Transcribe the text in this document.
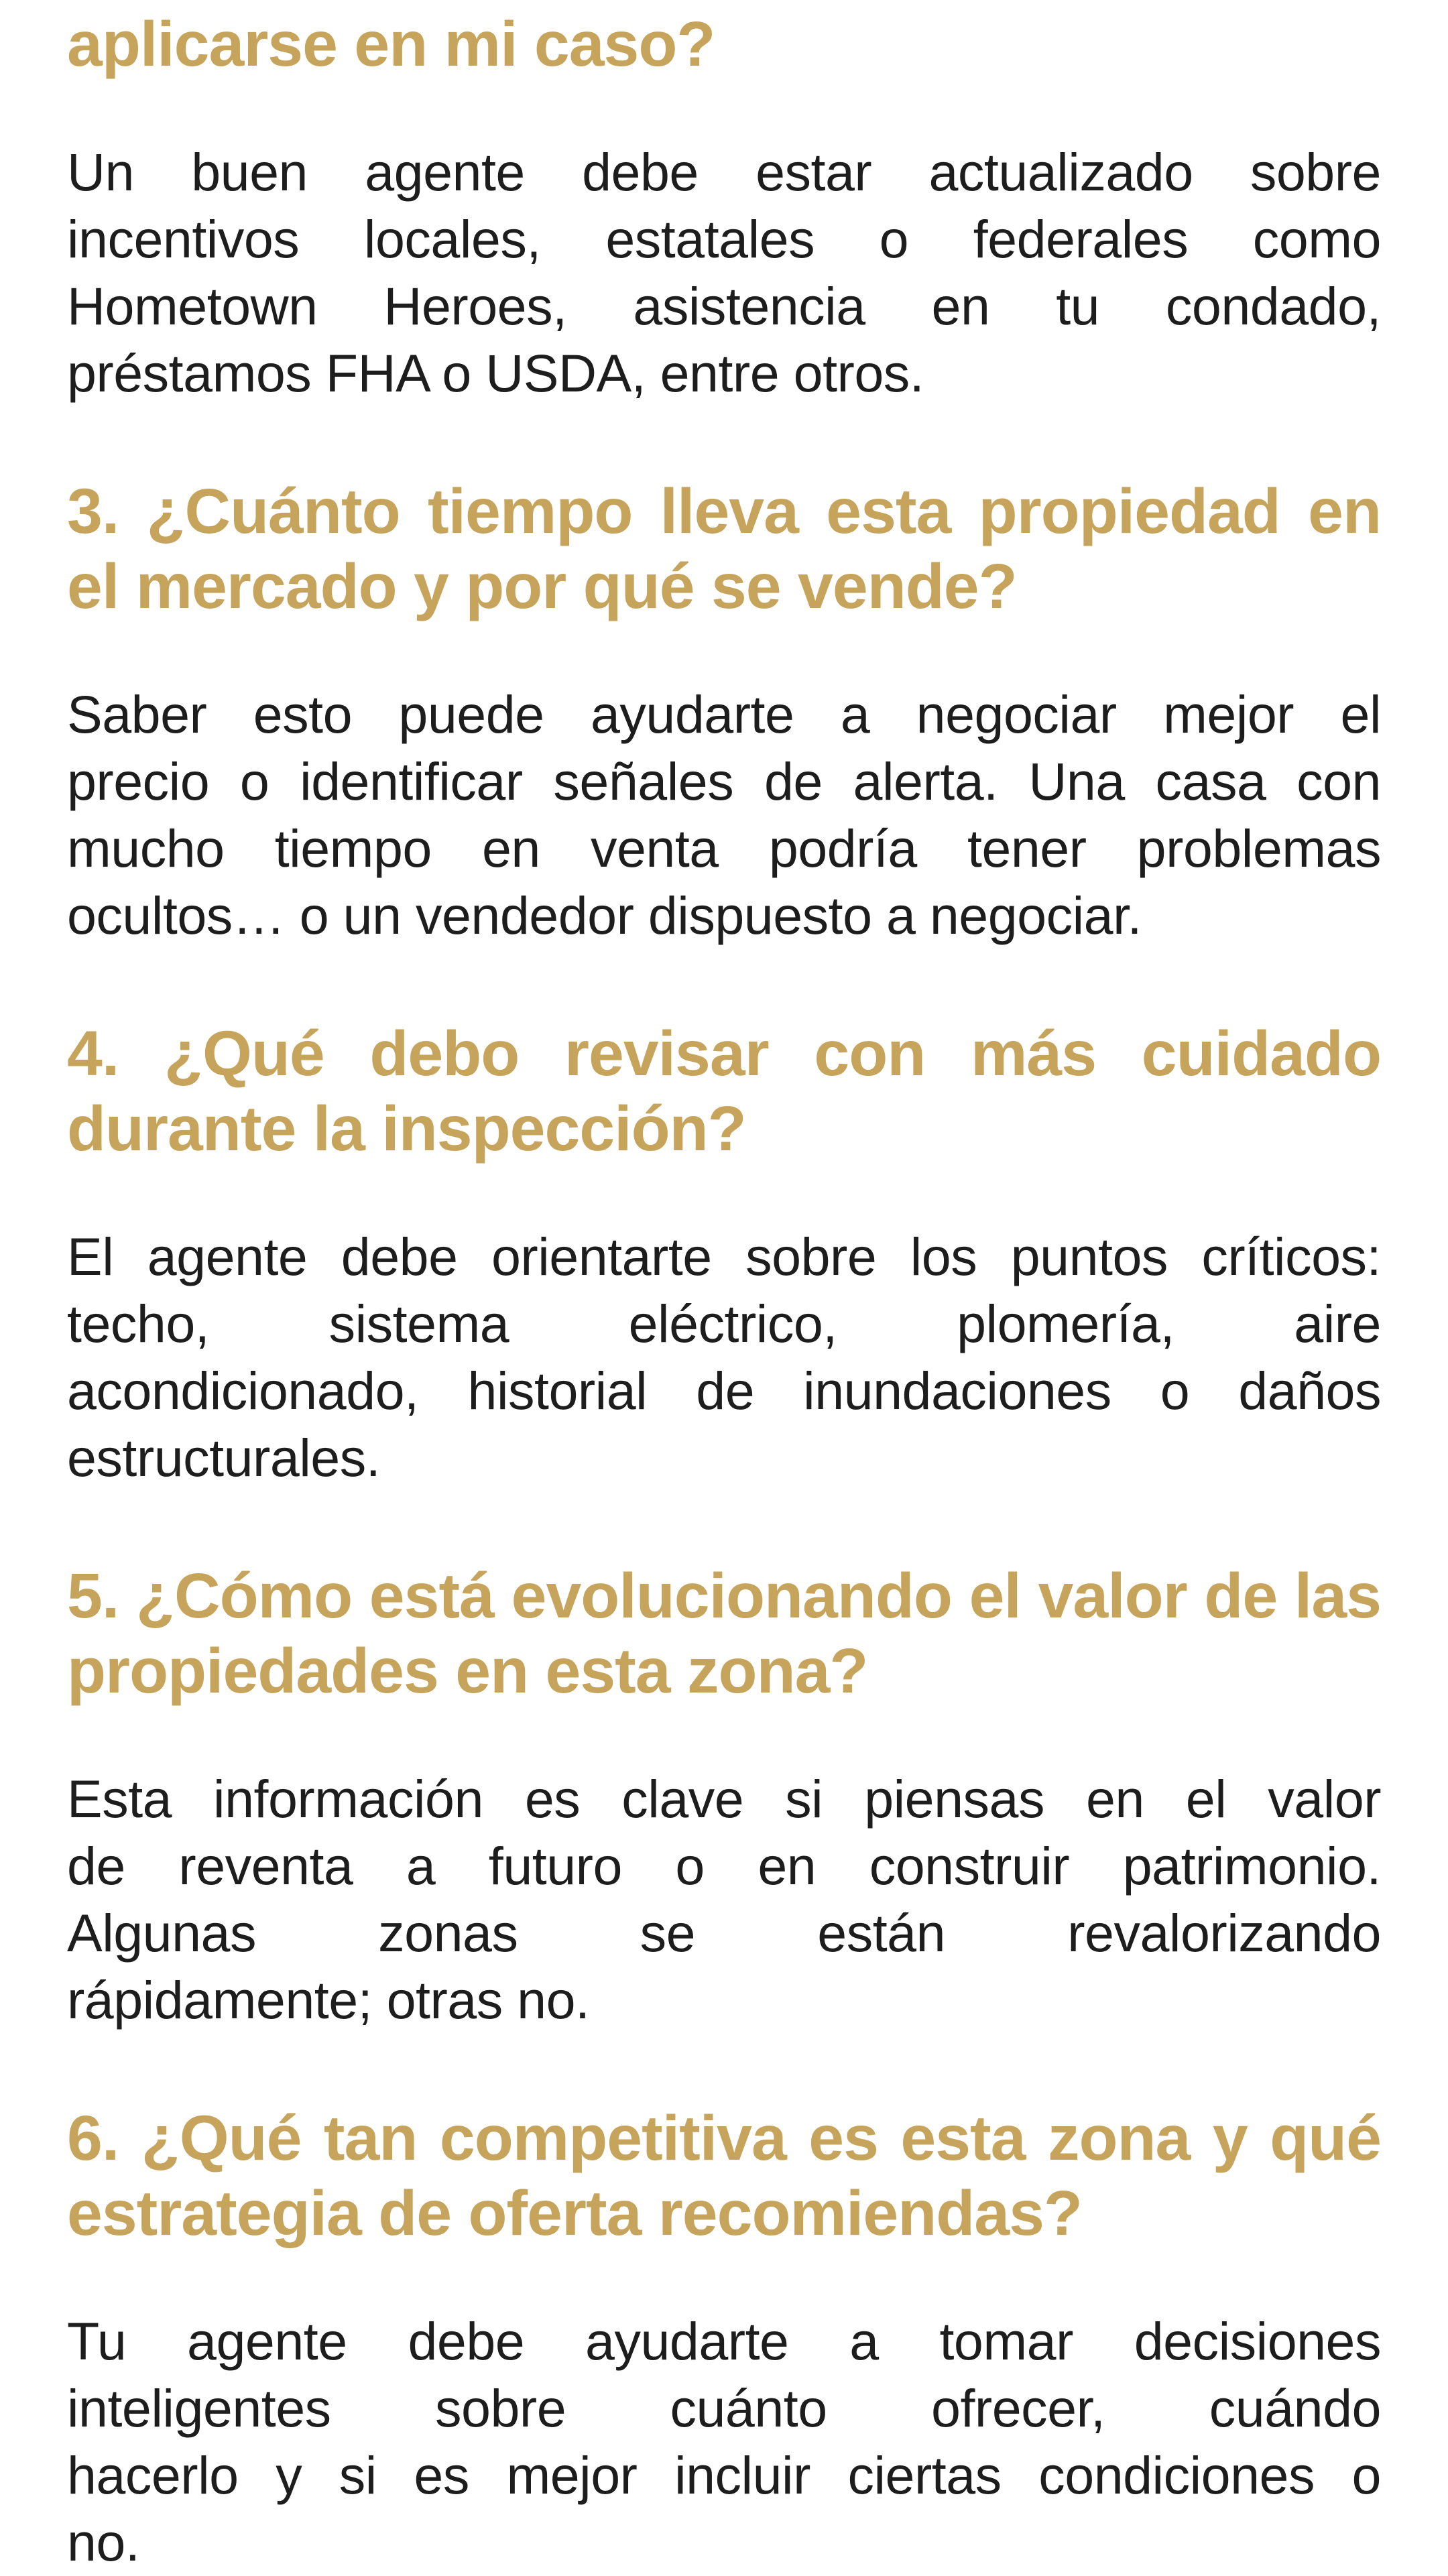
aplicarse en mi caso?
Un buen agente debe estar actualizado sobre
incentivos locales, estatales o federales como
Hometown Heroes, asistencia en tu condado,
préstamos FHA o USDA, entre otros.
3. ¿Cuánto tiempo lleva esta propiedad en
el mercado y por qué se vende?
Saber esto puede ayudarte a negociar mejor el
precio o identificar señales de alerta. Una casa con
mucho tiempo en venta podría tener problemas
ocultos… o un vendedor dispuesto a negociar.
4. ¿Qué debo revisar con más cuidado
durante la inspección?
El agente debe orientarte sobre los puntos críticos:
techo, sistema eléctrico, plomería, aire
acondicionado, historial de inundaciones o daños
estructurales.
5. ¿Cómo está evolucionando el valor de las
propiedades en esta zona?
Esta información es clave si piensas en el valor
de reventa a futuro o en construir patrimonio.
Algunas zonas se están revalorizando
rápidamente; otras no.
6. ¿Qué tan competitiva es esta zona y qué
estrategia de oferta recomiendas?
Tu agente debe ayudarte a tomar decisiones
inteligentes sobre cuánto ofrecer, cuándo
hacerlo y si es mejor incluir ciertas condiciones o
no.
